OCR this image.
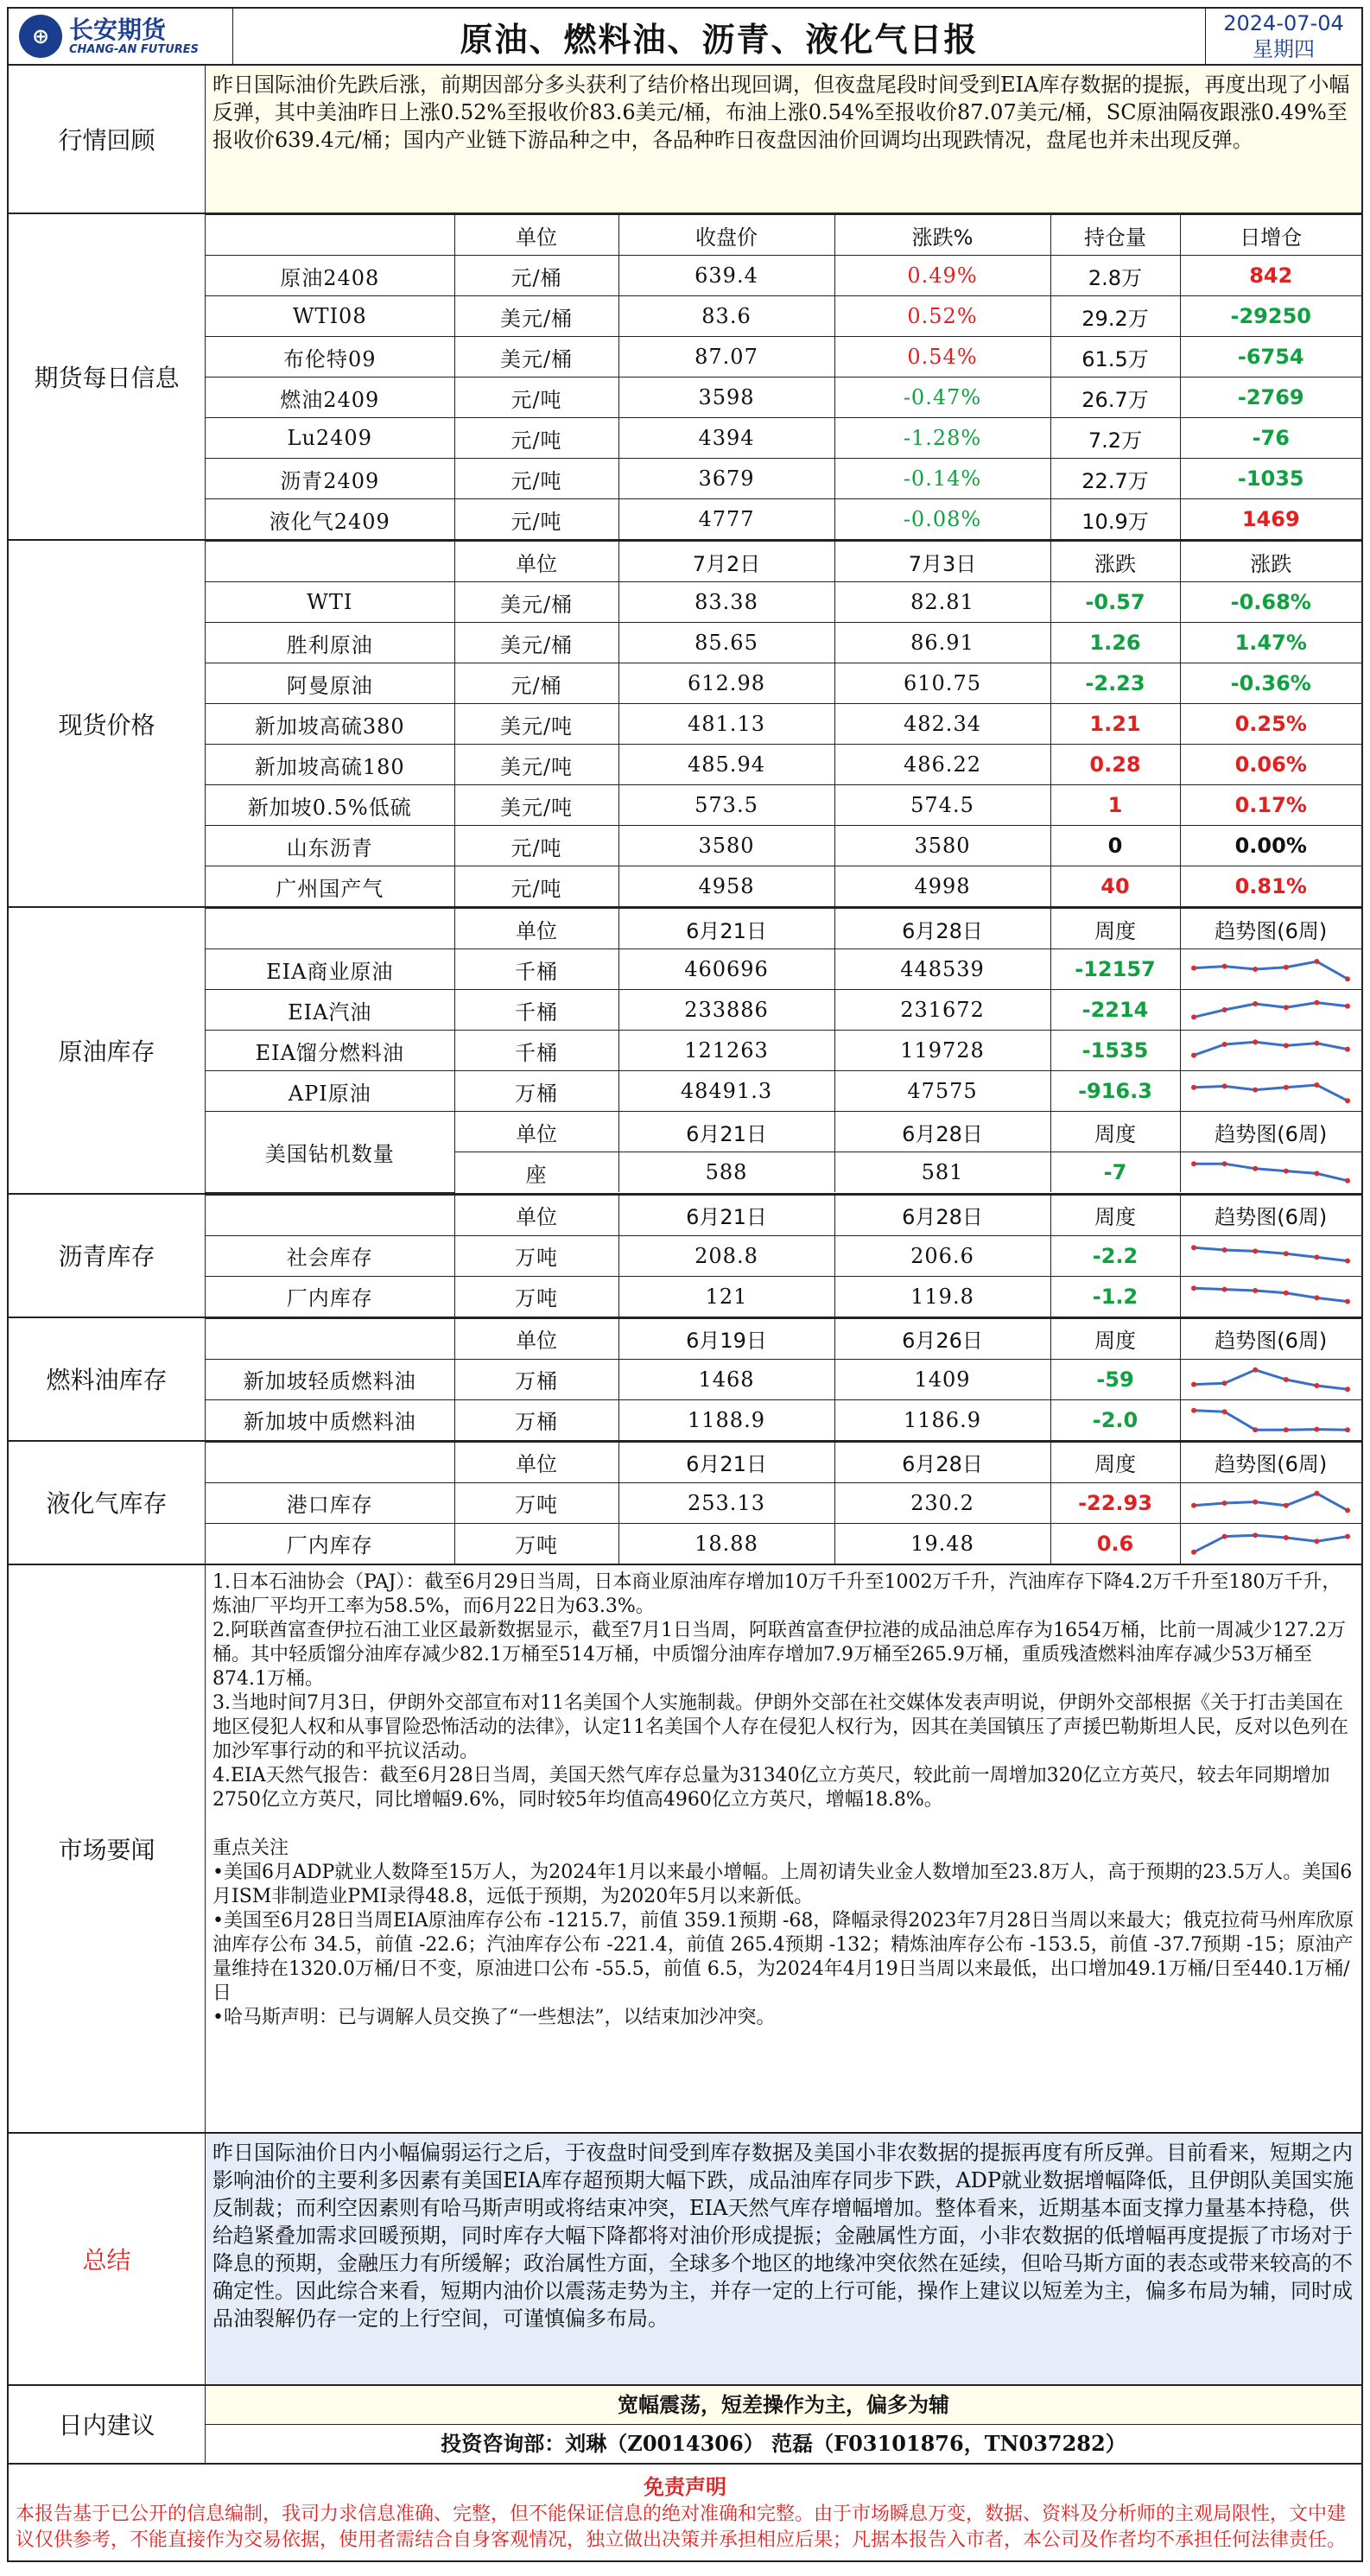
⊕ 长安期货
CHANG-AN FUTURES	原油、燃料油、沥青、液化气日报	2024-07-04
星期四
行情回顾
昨日国际油价先跌后涨，前期因部分多头获利了结价格出现回调，但夜盘尾段时间受到EIA库存数据的提振，再度出现了小幅反弹，其中美油昨日上涨0.52%至报收价83.6美元/桶，布油上涨0.54%至报收价87.07美元/桶，SC原油隔夜跟涨0.49%至报收价639.4元/桶；国内产业链下游品种之中，各品种昨日夜盘因油价回调均出现跌情况，盘尾也并未出现反弹。
期货每日信息
	单位	收盘价	涨跌%	持仓量	日增仓
原油2408	元/桶	639.4	0.49%	2.8万	842
WTI08	美元/桶	83.6	0.52%	29.2万	-29250
布伦特09	美元/桶	87.07	0.54%	61.5万	-6754
燃油2409	元/吨	3598	-0.47%	26.7万	-2769
Lu2409	元/吨	4394	-1.28%	7.2万	-76
沥青2409	元/吨	3679	-0.14%	22.7万	-1035
液化气2409	元/吨	4777	-0.08%	10.9万	1469
现货价格
	单位	7月2日	7月3日	涨跌	涨跌
WTI	美元/桶	83.38	82.81	-0.57	-0.68%
胜利原油	美元/桶	85.65	86.91	1.26	1.47%
阿曼原油	元/桶	612.98	610.75	-2.23	-0.36%
新加坡高硫380	美元/吨	481.13	482.34	1.21	0.25%
新加坡高硫180	美元/吨	485.94	486.22	0.28	0.06%
新加坡0.5%低硫	美元/吨	573.5	574.5	1	0.17%
山东沥青	元/吨	3580	3580	0	0.00%
广州国产气	元/吨	4958	4998	40	0.81%
原油库存
	单位	6月21日	6月28日	周度	趋势图(6周)
EIA商业原油	千桶	460696	448539	-12157	

EIA汽油	千桶	233886	231672	-2214	

EIA馏分燃料油	千桶	121263	119728	-1535	

API原油	万桶	48491.3	47575	-916.3	

美国钻机数量	单位	6月21日	6月28日	周度	趋势图(6周)
	座	588	581	-7	
沥青库存
	单位	6月21日	6月28日	周度	趋势图(6周)
社会库存	万吨	208.8	206.6	-2.2	

厂内库存	万吨	121	119.8	-1.2	
燃料油库存
	单位	6月19日	6月26日	周度	趋势图(6周)
新加坡轻质燃料油	万桶	1468	1409	-59	

新加坡中质燃料油	万桶	1188.9	1186.9	-2.0	
液化气库存
	单位	6月21日	6月28日	周度	趋势图(6周)
港口库存	万吨	253.13	230.2	-22.93	

厂内库存	万吨	18.88	19.48	0.6	
市场要闻

1.日本石油协会（PAJ）：截至6月29日当周，日本商业原油库存增加10万千升至1002万千升，汽油库存下降4.2万千升至180万千升，炼油厂平均开工率为58.5%，而6月22日为63.3%。

2.阿联酋富查伊拉石油工业区最新数据显示，截至7月1日当周，阿联酋富查伊拉港的成品油总库存为1654万桶，比前一周减少127.2万桶。其中轻质馏分油库存减少82.1万桶至514万桶，中质馏分油库存增加7.9万桶至265.9万桶，重质残渣燃料油库存减少53万桶至874.1万桶。

3.当地时间7月3日，伊朗外交部宣布对11名美国个人实施制裁。伊朗外交部在社交媒体发表声明说，伊朗外交部根据《关于打击美国在地区侵犯人权和从事冒险恐怖活动的法律》，认定11名美国个人存在侵犯人权行为，因其在美国镇压了声援巴勒斯坦人民，反对以色列在加沙军事行动的和平抗议活动。

4.EIA天然气报告：截至6月28日当周，美国天然气库存总量为31340亿立方英尺，较此前一周增加320亿立方英尺，较去年同期增加2750亿立方英尺，同比增幅9.6%，同时较5年均值高4960亿立方英尺，增幅18.8%。

重点关注

•美国6月ADP就业人数降至15万人，为2024年1月以来最小增幅。上周初请失业金人数增加至23.8万人，高于预期的23.5万人。美国6月ISM非制造业PMI录得48.8，远低于预期，为2020年5月以来新低。

•美国至6月28日当周EIA原油库存公布 -1215.7，前值 359.1预期 -68，降幅录得2023年7月28日当周以来最大；俄克拉荷马州库欣原油库存公布 34.5，前值 -22.6；汽油库存公布 -221.4，前值 265.4预期 -132；精炼油库存公布 -153.5，前值 -37.7预期 -15；原油产量维持在1320.0万桶/日不变，原油进口公布 -55.5，前值 6.5，为2024年4月19日当周以来最低，出口增加49.1万桶/日至440.1万桶/日

•哈马斯声明：已与调解人员交换了“一些想法”，以结束加沙冲突。

总结
昨日国际油价日内小幅偏弱运行之后，于夜盘时间受到库存数据及美国小非农数据的提振再度有所反弹。目前看来，短期之内影响油价的主要利多因素有美国EIA库存超预期大幅下跌，成品油库存同步下跌，ADP就业数据增幅降低，且伊朗队美国实施反制裁；而利空因素则有哈马斯声明或将结束冲突，EIA天然气库存增幅增加。整体看来，近期基本面支撑力量基本持稳，供给趋紧叠加需求回暖预期，同时库存大幅下降都将对油价形成提振；金融属性方面，小非农数据的低增幅再度提振了市场对于降息的预期，金融压力有所缓解；政治属性方面，全球多个地区的地缘冲突依然在延续，但哈马斯方面的表态或带来较高的不确定性。因此综合来看，短期内油价以震荡走势为主，并存一定的上行可能，操作上建议以短差为主，偏多布局为辅，同时成品油裂解仍存一定的上行空间，可谨慎偏多布局。
日内建议
宽幅震荡，短差操作为主，偏多为辅
投资咨询部：刘琳（Z0014306） 范磊（F03101876，TN037282）
免责声明
本报告基于已公开的信息编制，我司力求信息准确、完整，但不能保证信息的绝对准确和完整。由于市场瞬息万变，数据、资料及分析师的主观局限性，文中建议仅供参考，不能直接作为交易依据，使用者需结合自身客观情况，独立做出决策并承担相应后果；凡据本报告入市者，本公司及作者均不承担任何法律责任。
